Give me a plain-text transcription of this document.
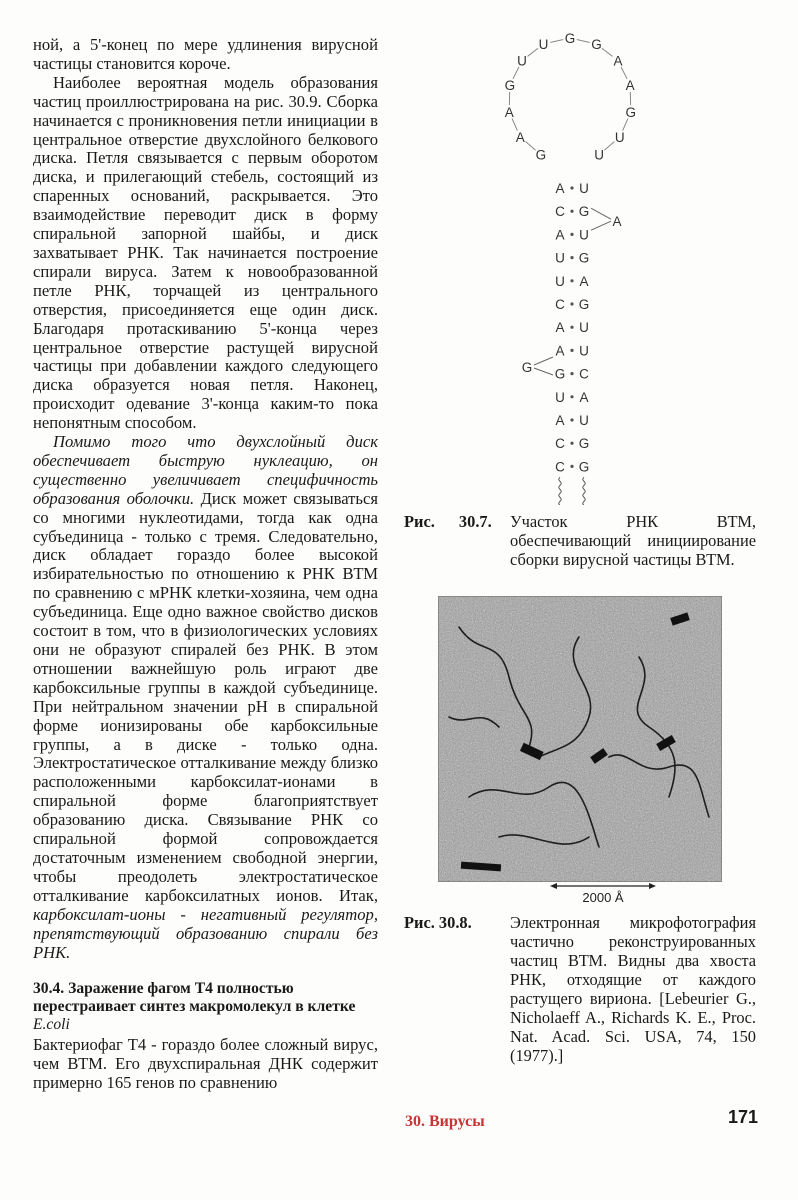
ной, а 5'-конец по мере удлинения вирусной частицы становится короче.

Наиболее вероятная модель образования частиц проиллюстрирована на рис. 30.9. Сборка начинается с проникновения петли инициации в центральное отверстие двухслойного белкового диска. Петля связывается с первым оборотом диска, и прилегающий стебель, состоящий из спаренных оснований, раскрывается. Это взаимодействие переводит диск в форму спиральной запорной шайбы, и диск захватывает РНК. Так начинается построение спирали вируса. Затем к новообразованной петле РНК, торчащей из центрального отверстия, присоединяется еще один диск. Благодаря протаскиванию 5'-конца через центральное отверстие растущей вирусной частицы при добавлении каждого следующего диска образуется новая петля. Наконец, происходит одевание 3'-конца каким-то пока непонятным способом.

Помимо того что двухслойный диск обеспечивает быструю нуклеацию, он существенно увеличивает специфичность образования оболочки. Диск может связываться со многими нуклеотидами, тогда как одна субъединица - только с тремя. Следовательно, диск обладает гораздо более высокой избирательностью по отношению к РНК ВТМ по сравнению с мРНК клетки-хозяина, чем одна субъединица. Еще одно важное свойство дисков состоит в том, что в физиологических условиях они не образуют спиралей без РНК. В этом отношении важнейшую роль играют две карбоксильные группы в каждой субъединице. При нейтральном значении pH в спиральной форме ионизированы обе карбоксильные группы, а в диске - только одна. Электростатическое отталкивание между близко расположенными карбоксилат-ионами в спиральной форме благоприятствует образованию диска. Связывание РНК со спиральной формой сопровождается достаточным изменением свободной энергии, чтобы преодолеть электростатическое отталкивание карбоксилатных ионов. Итак, карбоксилат-ионы - негативный регулятор, препятствующий образованию спирали без РНК.

30.4. Заражение фагом Т4 полностью перестраивает синтез макромолекул в клетке E.coli

Бактериофаг Т4 - гораздо более сложный вирус, чем ВТМ. Его двухспиральная ДНК содержит примерно 165 генов по сравнению

G
A
A
G
U
U G G
A
A
G
U
U
A U
C G
A U
U G
U A
C G
A U
A U
G C
U A
A U
C G
C G
A
G
Рис. 30.7. Участок РНК ВТМ, обеспечивающий инициирование сборки вирусной частицы ВТМ.
2000 Å
Рис. 30.8. Электронная микрофотография частично реконструированных частиц ВТМ. Видны два хвоста РНК, отходящие от каждого растущего вириона. [Lebeurier G., Nicholaeff A., Richards K. E., Proc. Nat. Acad. Sci. USA, 74, 150 (1977).]
30. Вирусы	171
